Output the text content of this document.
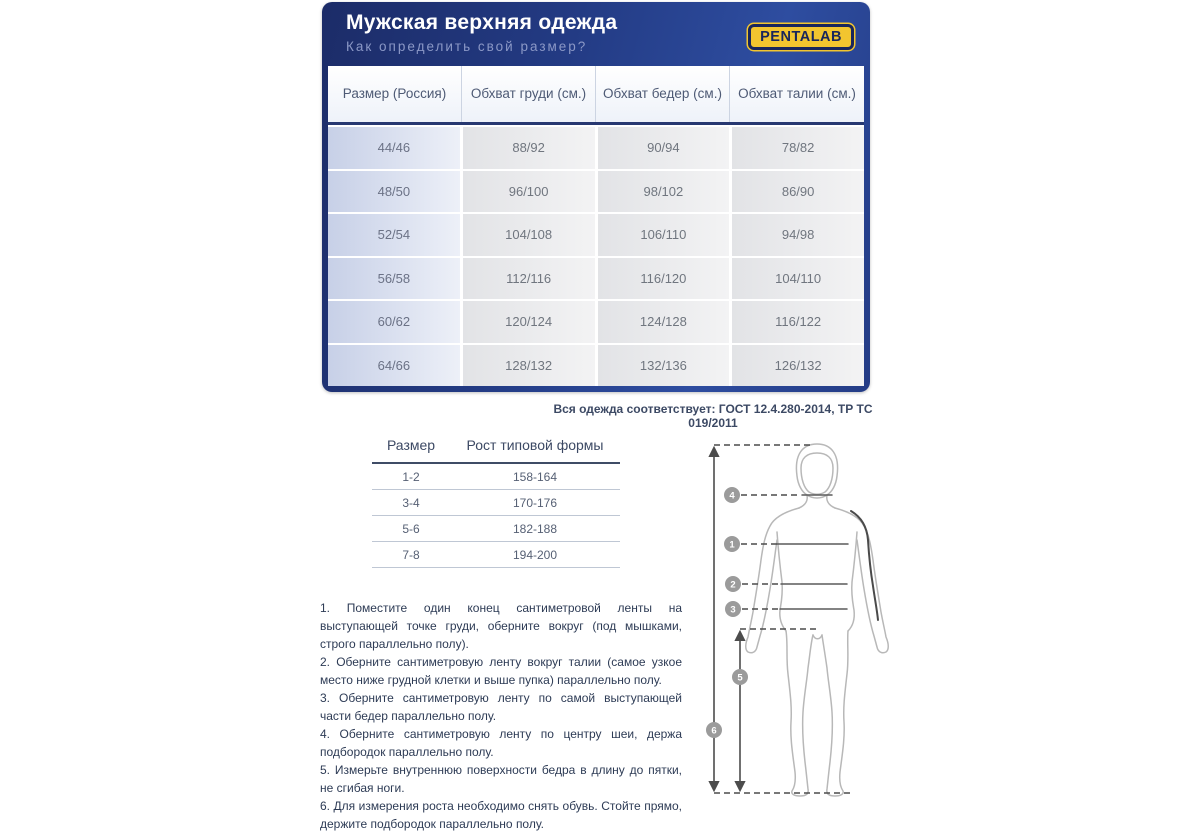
Мужская верхняя одежда
Как определить свой размер?
PENTALAB
Размер (Россия)	Обхват груди (см.)	Обхват бедер (см.)	Обхват талии (см.)
44/46	88/92	90/94	78/82
48/50	96/100	98/102	86/90
52/54	104/108	106/110	94/98
56/58	112/116	116/120	104/110
60/62	120/124	124/128	116/122
64/66	128/132	132/136	126/132
Вся одежда соответствует: ГОСТ 12.4.280-2014, ТР ТС 019/2011
Размер	Рост типовой формы
1-2	158-164
3-4	170-176
5-6	182-188
7-8	194-200

1. Поместите один конец сантиметровой ленты на выступающей точке груди, оберните вокруг (под мышками, строго параллельно полу).

2. Оберните сантиметровую ленту вокруг талии (самое узкое место ниже грудной клетки и выше пупка) параллельно полу.

3. Оберните сантиметровую ленту по самой выступающей части бедер параллельно полу.

4. Оберните сантиметровую ленту по центру шеи, держа подбородок параллельно полу.

5. Измерьте внутреннюю поверхности бедра в длину до пятки, не сгибая ноги.

6. Для измерения роста необходимо снять обувь. Стойте прямо, держите подбородок параллельно полу.

4
1
2
3
5
6
